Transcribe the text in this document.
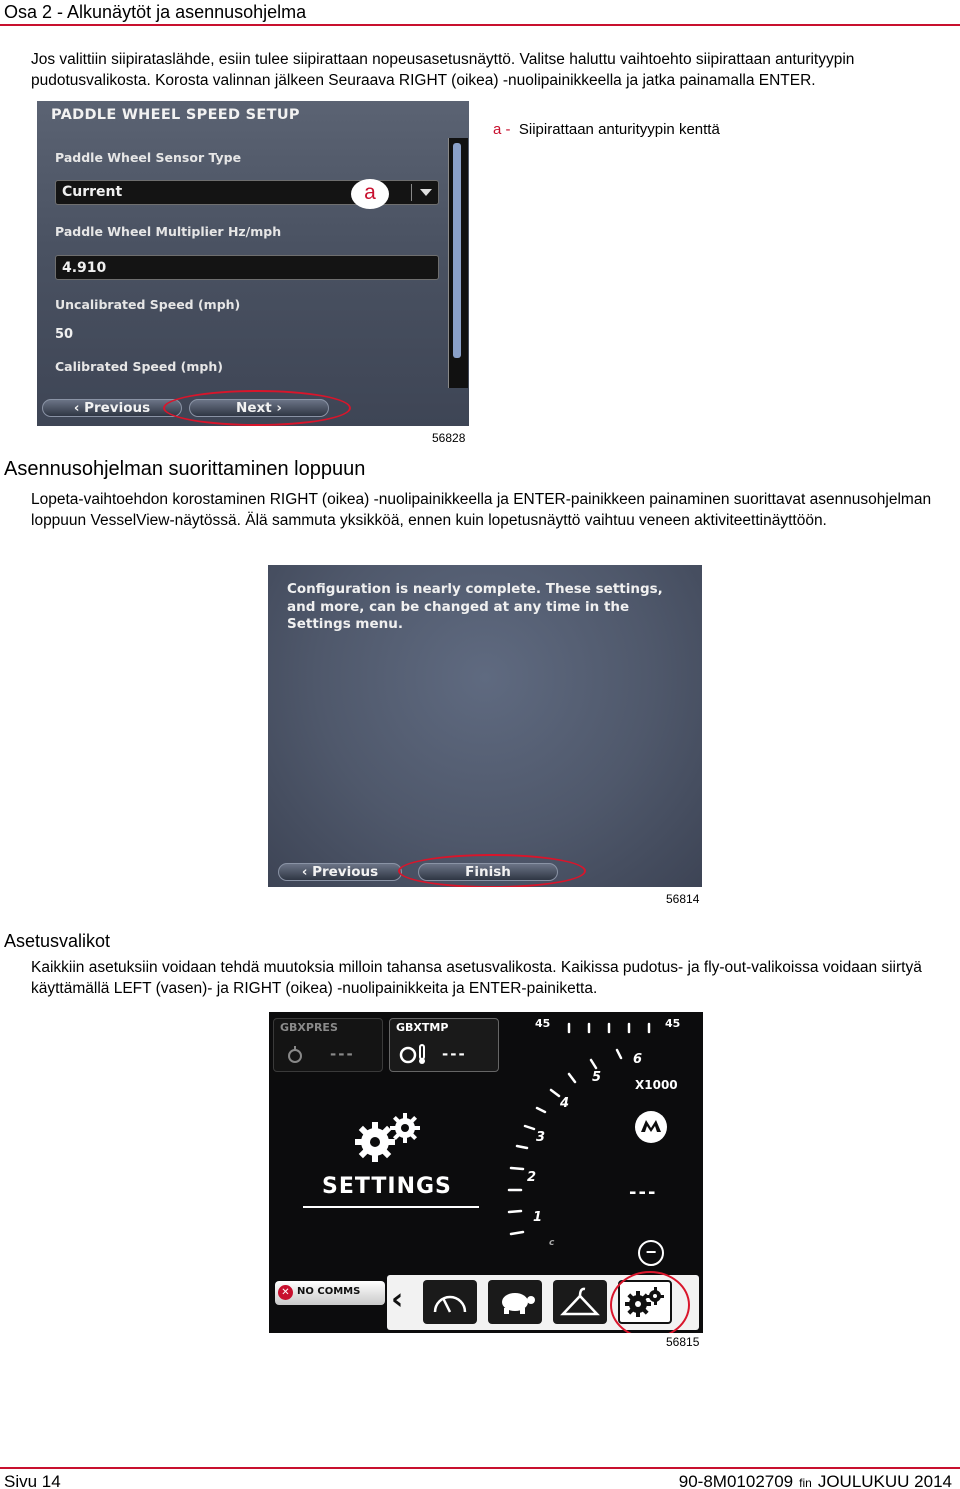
Osa 2 - Alkunäytöt ja asennusohjelma
Jos valittiin siipirataslähde, esiin tulee siipirattaan nopeusasetusnäyttö. Valitse haluttu vaihtoehto siipirattaan anturityypin pudotusvalikosta. Korosta valinnan jälkeen Seuraava RIGHT (oikea) -nuolipainikkeella ja jatka painamalla ENTER.
PADDLE WHEEL SPEED SETUP
Paddle Wheel Sensor Type
Current	a
Paddle Wheel Multiplier Hz/mph
4.910
Uncalibrated Speed (mph)
50
Calibrated Speed (mph)
‹ Previous	Next ›
a - Siipirattaan anturityypin kenttä
56828
Asennusohjelman suorittaminen loppuun
Lopeta-vaihtoehdon korostaminen RIGHT (oikea) -nuolipainikkeella ja ENTER-painikkeen painaminen suorittavat asennusohjelman loppuun VesselView-näytössä. Älä sammuta yksikköä, ennen kuin lopetusnäyttö vaihtuu veneen aktiviteettinäyttöön.
Configuration is nearly complete. These settings, and more, can be changed at any time in the Settings menu.
‹ Previous	Finish
56814
Asetusvalikot
Kaikkiin asetuksiin voidaan tehdä muutoksia milloin tahansa asetusvalikosta. Kaikissa pudotus- ja fly-out-valikoissa voidaan siirtyä käyttämällä LEFT (vasen)- ja RIGHT (oikea) -nuolipainikkeita ja ENTER-painiketta.
GBXPRES
---
GBXTMP
---
SETTINGS
45	45
6
5
4
3
2
1
c
X1000
---
−
✕ NO COMMS ‹
56815
Sivu 14	90-8M0102709 fin JOULUKUU 2014
